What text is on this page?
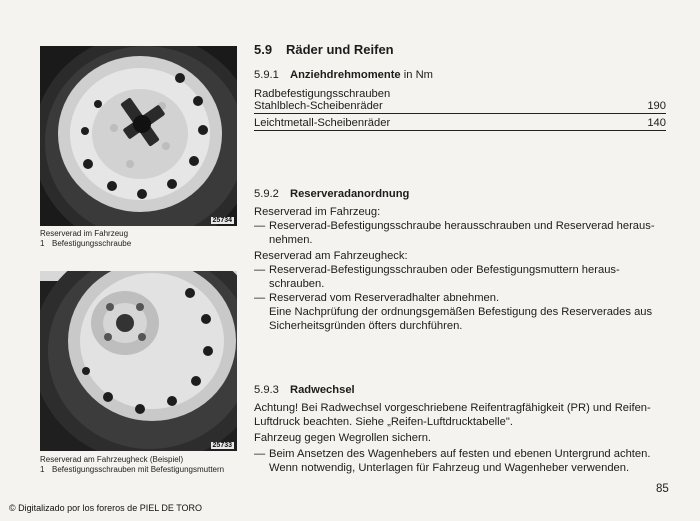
25734
Reserverad im Fahrzeug
1 Befestigungsschraube
25733
Reserverad am Fahrzeugheck (Beispiel)
1 Befestigungsschrauben mit Befestigungsmuttern
5.9 Räder und Reifen
5.9.1 Anziehdrehmomente in Nm
Radbefestigungsschrauben
Stahlblech-Scheibenräder	190
Leichtmetall-Scheibenräder	140
5.9.2 Reserveradanordnung

Reserverad im Fahrzeug:

— Reserverad-Befestigungsschraube herausschrauben und Reserverad heraus-nehmen.

Reserverad am Fahrzeugheck:

— Reserverad-Befestigungsschrauben oder Befestigungsmuttern heraus-schrauben.

— Reserverad vom Reserveradhalter abnehmen.

Eine Nachprüfung der ordnungsgemäßen Befestigung des Reserverades aus Sicherheitsgründen öfters durchführen.

5.9.3 Radwechsel

Achtung! Bei Radwechsel vorgeschriebene Reifentragfähigkeit (PR) und Reifen-Luftdruck beachten. Siehe „Reifen-Luftdrucktabelle".

Fahrzeug gegen Wegrollen sichern.

— Beim Ansetzen des Wagenhebers auf festen und ebenen Untergrund achten. Wenn notwendig, Unterlagen für Fahrzeug und Wagenheber verwenden.

85
© Digitalizado por los foreros de PIEL DE TORO
